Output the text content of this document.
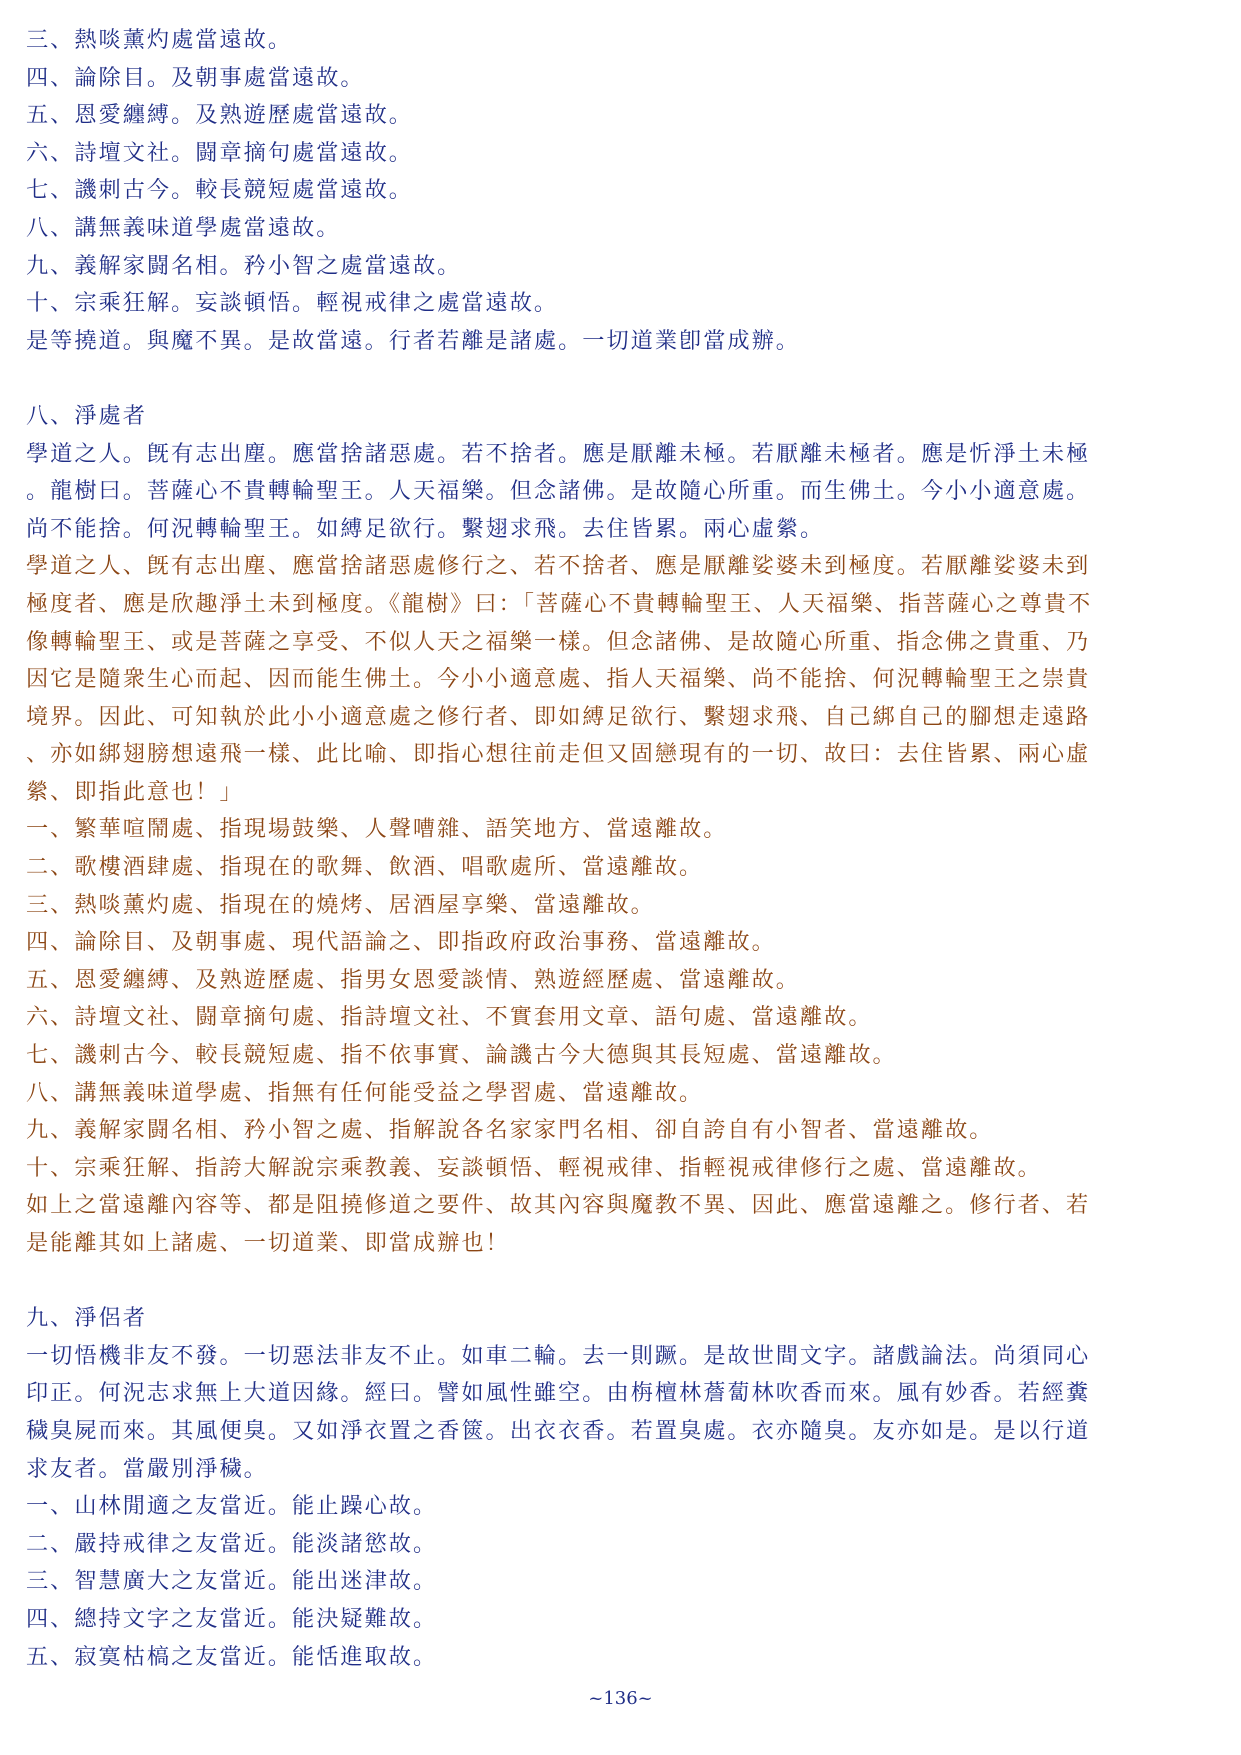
三、熱啖薰灼處當遠故。
四、論除目。及朝事處當遠故。
五、恩愛纏縛。及熟遊歷處當遠故。
六、詩壇文社。闘章摘句處當遠故。
七、譏刺古今。較長競短處當遠故。
八、講無義味道學處當遠故。
九、義解家闘名相。矜小智之處當遠故。
十、宗乘狂解。妄談頓悟。輕視戒律之處當遠故。
是等撓道。與魔不異。是故當遠。行者若離是諸處。一切道業卽當成辦。
八、淨處者
學道之人。旣有志出塵。應當捨諸惡處。若不捨者。應是厭離未極。若厭離未極者。應是忻淨土未極
。龍樹曰。菩薩心不貴轉輪聖王。人天福樂。但念諸佛。是故隨心所重。而生佛土。今小小適意處。
尚不能捨。何況轉輪聖王。如縛足欲行。繫翅求飛。去住皆累。兩心虛縈。
學道之人、旣有志出塵、應當捨諸惡處修行之、若不捨者、應是厭離娑婆未到極度。若厭離娑婆未到
極度者、應是欣趣淨土未到極度。《龍樹》曰：「菩薩心不貴轉輪聖王、人天福樂、指菩薩心之尊貴不
像轉輪聖王、或是菩薩之享受、不似人天之福樂一樣。但念諸佛、是故隨心所重、指念佛之貴重、乃
因它是隨衆生心而起、因而能生佛土。今小小適意處、指人天福樂、尚不能捨、何況轉輪聖王之崇貴
境界。因此、可知執於此小小適意處之修行者、即如縛足欲行、繫翅求飛、自己綁自己的腳想走遠路
、亦如綁翅膀想遠飛一樣、此比喻、即指心想往前走但又固戀現有的一切、故曰：去住皆累、兩心虛
縈、即指此意也！」
一、繁華喧鬧處、指現場鼓樂、人聲嘈雜、語笑地方、當遠離故。
二、歌樓酒肆處、指現在的歌舞、飲酒、唱歌處所、當遠離故。
三、熱啖薰灼處、指現在的燒烤、居酒屋享樂、當遠離故。
四、論除目、及朝事處、現代語論之、即指政府政治事務、當遠離故。
五、恩愛纏縛、及熟遊歷處、指男女恩愛談情、熟遊經歷處、當遠離故。
六、詩壇文社、闘章摘句處、指詩壇文社、不實套用文章、語句處、當遠離故。
七、譏刺古今、較長競短處、指不依事實、論譏古今大德與其長短處、當遠離故。
八、講無義味道學處、指無有任何能受益之學習處、當遠離故。
九、義解家闘名相、矜小智之處、指解說各名家家門名相、卻自誇自有小智者、當遠離故。
十、宗乘狂解、指誇大解說宗乘教義、妄談頓悟、輕視戒律、指輕視戒律修行之處、當遠離故。
如上之當遠離內容等、都是阻撓修道之要件、故其內容與魔教不異、因此、應當遠離之。修行者、若
是能離其如上諸處、一切道業、即當成辦也！
九、淨侶者
一切悟機非友不發。一切惡法非友不止。如車二輪。去一則蹶。是故世間文字。諸戲論法。尚須同心
印正。何況志求無上大道因緣。經曰。譬如風性雖空。由栴檀林薝蔔林吹香而來。風有妙香。若經糞
穢臭屍而來。其風便臭。又如淨衣置之香篋。出衣衣香。若置臭處。衣亦隨臭。友亦如是。是以行道
求友者。當嚴別淨穢。
一、山林閒適之友當近。能止躁心故。
二、嚴持戒律之友當近。能淡諸慾故。
三、智慧廣大之友當近。能出迷津故。
四、總持文字之友當近。能決疑難故。
五、寂寞枯槁之友當近。能恬進取故。
~136~
